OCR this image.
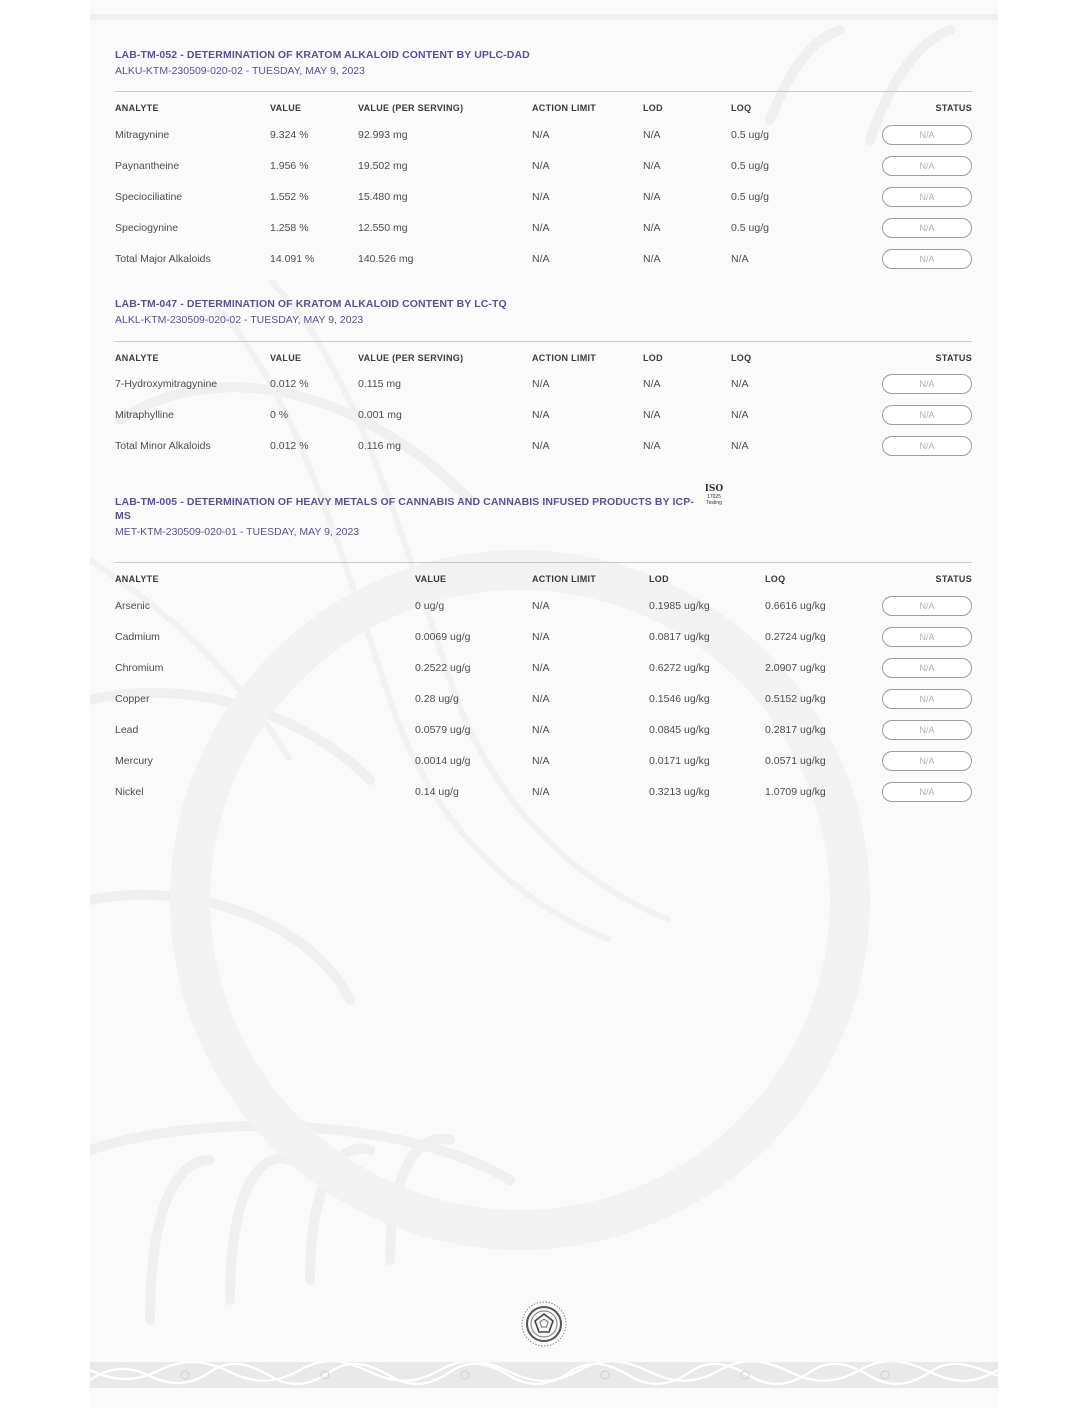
LAB-TM-052 - DETERMINATION OF KRATOM ALKALOID CONTENT BY UPLC-DAD
ALKU-KTM-230509-020-02 - TUESDAY, MAY 9, 2023
ANALYTE	VALUE	VALUE (PER SERVING)	ACTION LIMIT	LOD	LOQ	STATUS
Mitragynine	9.324 %	92.993 mg	N/A	N/A	0.5 ug/g	N/A
Paynantheine	1.956 %	19.502 mg	N/A	N/A	0.5 ug/g	N/A
Speciociliatine	1.552 %	15.480 mg	N/A	N/A	0.5 ug/g	N/A
Speciogynine	1.258 %	12.550 mg	N/A	N/A	0.5 ug/g	N/A
Total Major Alkaloids	14.091 %	140.526 mg	N/A	N/A	N/A	N/A
LAB-TM-047 - DETERMINATION OF KRATOM ALKALOID CONTENT BY LC-TQ
ALKL-KTM-230509-020-02 - TUESDAY, MAY 9, 2023
ANALYTE	VALUE	VALUE (PER SERVING)	ACTION LIMIT	LOD	LOQ	STATUS
7-Hydroxymitragynine	0.012 %	0.115 mg	N/A	N/A	N/A	N/A
Mitraphylline	0 %	0.001 mg	N/A	N/A	N/A	N/A
Total Minor Alkaloids	0.012 %	0.116 mg	N/A	N/A	N/A	N/A
LAB-TM-005 - DETERMINATION OF HEAVY METALS OF CANNABIS AND CANNABIS INFUSED PRODUCTS BY ICP-
MS
MET-KTM-230509-020-01 - TUESDAY, MAY 9, 2023
ISO
17025
Testing
ANALYTE	VALUE	ACTION LIMIT	LOD	LOQ	STATUS
Arsenic	0 ug/g	N/A	0.1985 ug/kg	0.6616 ug/kg	N/A
Cadmium	0.0069 ug/g	N/A	0.0817 ug/kg	0.2724 ug/kg	N/A
Chromium	0.2522 ug/g	N/A	0.6272 ug/kg	2.0907 ug/kg	N/A
Copper	0.28 ug/g	N/A	0.1546 ug/kg	0.5152 ug/kg	N/A
Lead	0.0579 ug/g	N/A	0.0845 ug/kg	0.2817 ug/kg	N/A
Mercury	0.0014 ug/g	N/A	0.0171 ug/kg	0.0571 ug/kg	N/A
Nickel	0.14 ug/g	N/A	0.3213 ug/kg	1.0709 ug/kg	N/A
